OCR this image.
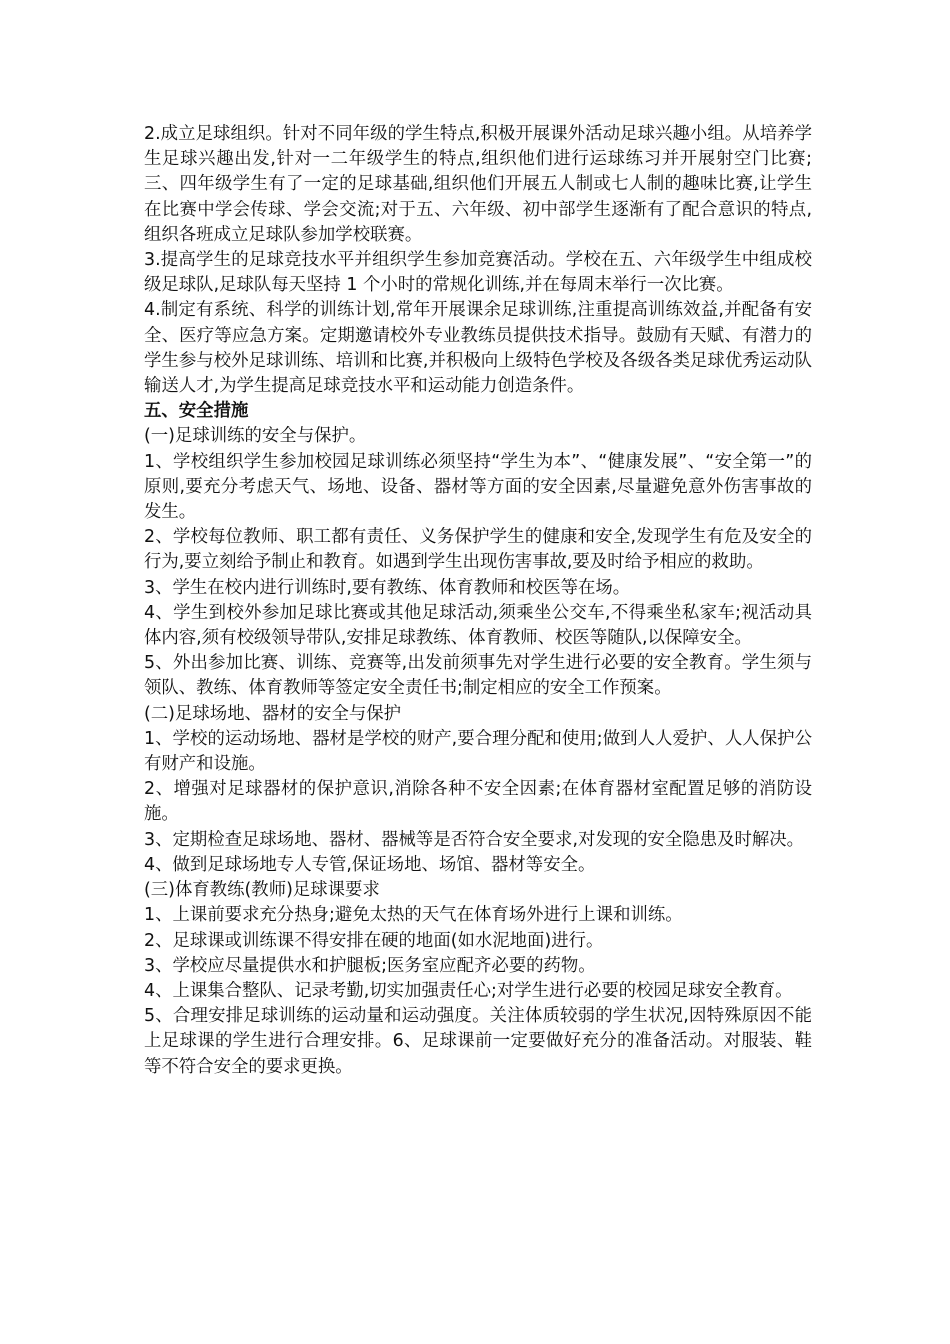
2.成立足球组织。针对不同年级的学生特点,积极开展课外活动足球兴趣小组。从培养学生足球兴趣出发,针对一二年级学生的特点,组织他们进行运球练习并开展射空门比赛;三、四年级学生有了一定的足球基础,组织他们开展五人制或七人制的趣味比赛,让学生在比赛中学会传球、学会交流;对于五、六年级、初中部学生逐渐有了配合意识的特点,组织各班成立足球队参加学校联赛。

3.提高学生的足球竞技水平并组织学生参加竞赛活动。学校在五、六年级学生中组成校级足球队,足球队每天坚持 1 个小时的常规化训练,并在每周末举行一次比赛。

4.制定有系统、科学的训练计划,常年开展课余足球训练,注重提高训练效益,并配备有安全、医疗等应急方案。定期邀请校外专业教练员提供技术指导。鼓励有天赋、有潜力的学生参与校外足球训练、培训和比赛,并积极向上级特色学校及各级各类足球优秀运动队输送人才,为学生提高足球竞技水平和运动能力创造条件。

五、安全措施

(一)足球训练的安全与保护。

1、学校组织学生参加校园足球训练必须坚持“学生为本”、“健康发展”、“安全第一”的原则,要充分考虑天气、场地、设备、器材等方面的安全因素,尽量避免意外伤害事故的发生。

2、学校每位教师、职工都有责任、义务保护学生的健康和安全,发现学生有危及安全的行为,要立刻给予制止和教育。如遇到学生出现伤害事故,要及时给予相应的救助。

3、学生在校内进行训练时,要有教练、体育教师和校医等在场。

4、学生到校外参加足球比赛或其他足球活动,须乘坐公交车,不得乘坐私家车;视活动具体内容,须有校级领导带队,安排足球教练、体育教师、校医等随队,以保障安全。

5、外出参加比赛、训练、竞赛等,出发前须事先对学生进行必要的安全教育。学生须与领队、教练、体育教师等签定安全责任书;制定相应的安全工作预案。

(二)足球场地、器材的安全与保护

1、学校的运动场地、器材是学校的财产,要合理分配和使用;做到人人爱护、人人保护公有财产和设施。

2、增强对足球器材的保护意识,消除各种不安全因素;在体育器材室配置足够的消防设施。

3、定期检查足球场地、器材、器械等是否符合安全要求,对发现的安全隐患及时解决。

4、做到足球场地专人专管,保证场地、场馆、器材等安全。

(三)体育教练(教师)足球课要求

1、上课前要求充分热身;避免太热的天气在体育场外进行上课和训练。

2、足球课或训练课不得安排在硬的地面(如水泥地面)进行。

3、学校应尽量提供水和护腿板;医务室应配齐必要的药物。

4、上课集合整队、记录考勤,切实加强责任心;对学生进行必要的校园足球安全教育。

5、合理安排足球训练的运动量和运动强度。关注体质较弱的学生状况,因特殊原因不能上足球课的学生进行合理安排。6、足球课前一定要做好充分的准备活动。对服装、鞋等不符合安全的要求更换。
